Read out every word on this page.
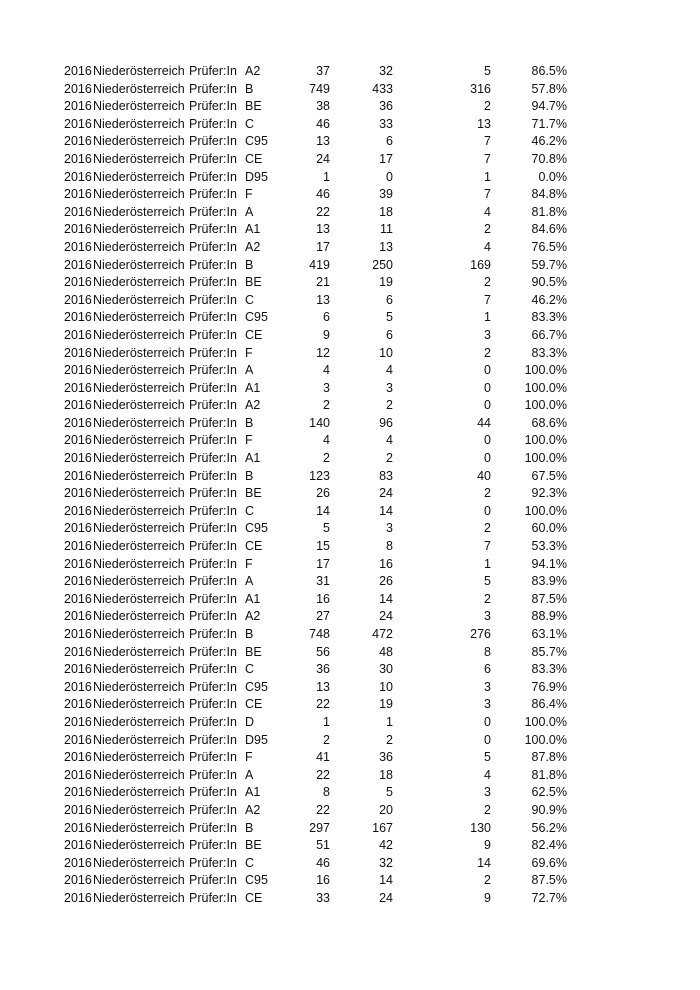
2016 Niederösterreich Prüfer:In A2	37	32	5	86.5%
2016 Niederösterreich Prüfer:In B	749	433	316	57.8%
2016 Niederösterreich Prüfer:In BE	38	36	2	94.7%
2016 Niederösterreich Prüfer:In C	46	33	13	71.7%
2016 Niederösterreich Prüfer:In C95	13	6	7	46.2%
2016 Niederösterreich Prüfer:In CE	24	17	7	70.8%
2016 Niederösterreich Prüfer:In D95	1	0	1	0.0%
2016 Niederösterreich Prüfer:In F	46	39	7	84.8%
2016 Niederösterreich Prüfer:In A	22	18	4	81.8%
2016 Niederösterreich Prüfer:In A1	13	11	2	84.6%
2016 Niederösterreich Prüfer:In A2	17	13	4	76.5%
2016 Niederösterreich Prüfer:In B	419	250	169	59.7%
2016 Niederösterreich Prüfer:In BE	21	19	2	90.5%
2016 Niederösterreich Prüfer:In C	13	6	7	46.2%
2016 Niederösterreich Prüfer:In C95	6	5	1	83.3%
2016 Niederösterreich Prüfer:In CE	9	6	3	66.7%
2016 Niederösterreich Prüfer:In F	12	10	2	83.3%
2016 Niederösterreich Prüfer:In A	4	4	0	100.0%
2016 Niederösterreich Prüfer:In A1	3	3	0	100.0%
2016 Niederösterreich Prüfer:In A2	2	2	0	100.0%
2016 Niederösterreich Prüfer:In B	140	96	44	68.6%
2016 Niederösterreich Prüfer:In F	4	4	0	100.0%
2016 Niederösterreich Prüfer:In A1	2	2	0	100.0%
2016 Niederösterreich Prüfer:In B	123	83	40	67.5%
2016 Niederösterreich Prüfer:In BE	26	24	2	92.3%
2016 Niederösterreich Prüfer:In C	14	14	0	100.0%
2016 Niederösterreich Prüfer:In C95	5	3	2	60.0%
2016 Niederösterreich Prüfer:In CE	15	8	7	53.3%
2016 Niederösterreich Prüfer:In F	17	16	1	94.1%
2016 Niederösterreich Prüfer:In A	31	26	5	83.9%
2016 Niederösterreich Prüfer:In A1	16	14	2	87.5%
2016 Niederösterreich Prüfer:In A2	27	24	3	88.9%
2016 Niederösterreich Prüfer:In B	748	472	276	63.1%
2016 Niederösterreich Prüfer:In BE	56	48	8	85.7%
2016 Niederösterreich Prüfer:In C	36	30	6	83.3%
2016 Niederösterreich Prüfer:In C95	13	10	3	76.9%
2016 Niederösterreich Prüfer:In CE	22	19	3	86.4%
2016 Niederösterreich Prüfer:In D	1	1	0	100.0%
2016 Niederösterreich Prüfer:In D95	2	2	0	100.0%
2016 Niederösterreich Prüfer:In F	41	36	5	87.8%
2016 Niederösterreich Prüfer:In A	22	18	4	81.8%
2016 Niederösterreich Prüfer:In A1	8	5	3	62.5%
2016 Niederösterreich Prüfer:In A2	22	20	2	90.9%
2016 Niederösterreich Prüfer:In B	297	167	130	56.2%
2016 Niederösterreich Prüfer:In BE	51	42	9	82.4%
2016 Niederösterreich Prüfer:In C	46	32	14	69.6%
2016 Niederösterreich Prüfer:In C95	16	14	2	87.5%
2016 Niederösterreich Prüfer:In CE	33	24	9	72.7%
